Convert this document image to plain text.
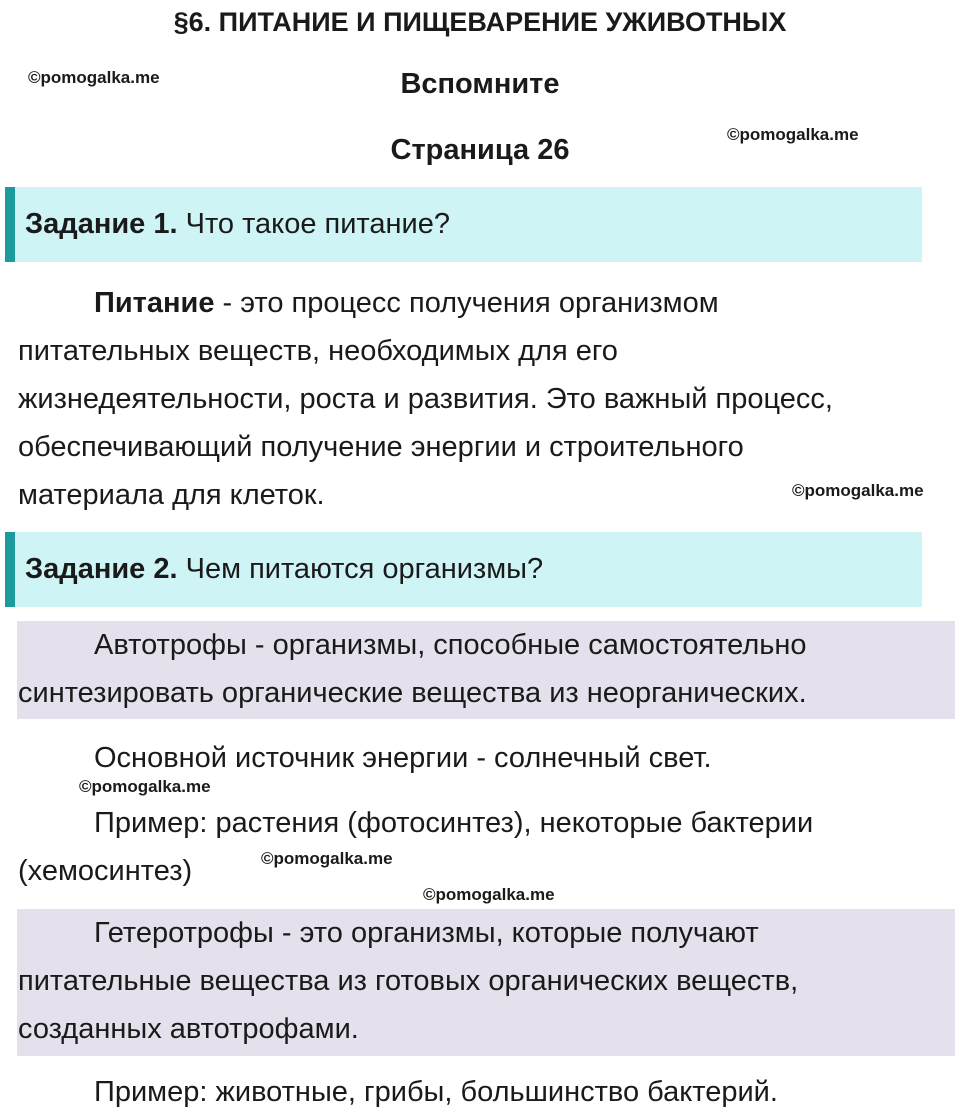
§6. ПИТАНИЕ И ПИЩЕВАРЕНИЕ УЖИВОТНЫХ
Вспомните
Страница 26
©pomogalka.me
©pomogalka.me
Задание 1. Что такое питание?
Питание - это процесс получения организмом
питательных веществ, необходимых для его
жизнедеятельности, роста и развития. Это важный процесс,
обеспечивающий получение энергии и строительного
материала для клеток.	©pomogalka.me
Задание 2. Чем питаются организмы?
Автотрофы - организмы, способные самостоятельно
синтезировать органические вещества из неорганических.
Основной источник энергии - солнечный свет.
©pomogalka.me
Пример: растения (фотосинтез), некоторые бактерии
(хемосинтез)	©pomogalka.me
©pomogalka.me
Гетеротрофы - это организмы, которые получают
питательные вещества из готовых органических веществ,
созданных автотрофами.
Пример: животные, грибы, большинство бактерий.
